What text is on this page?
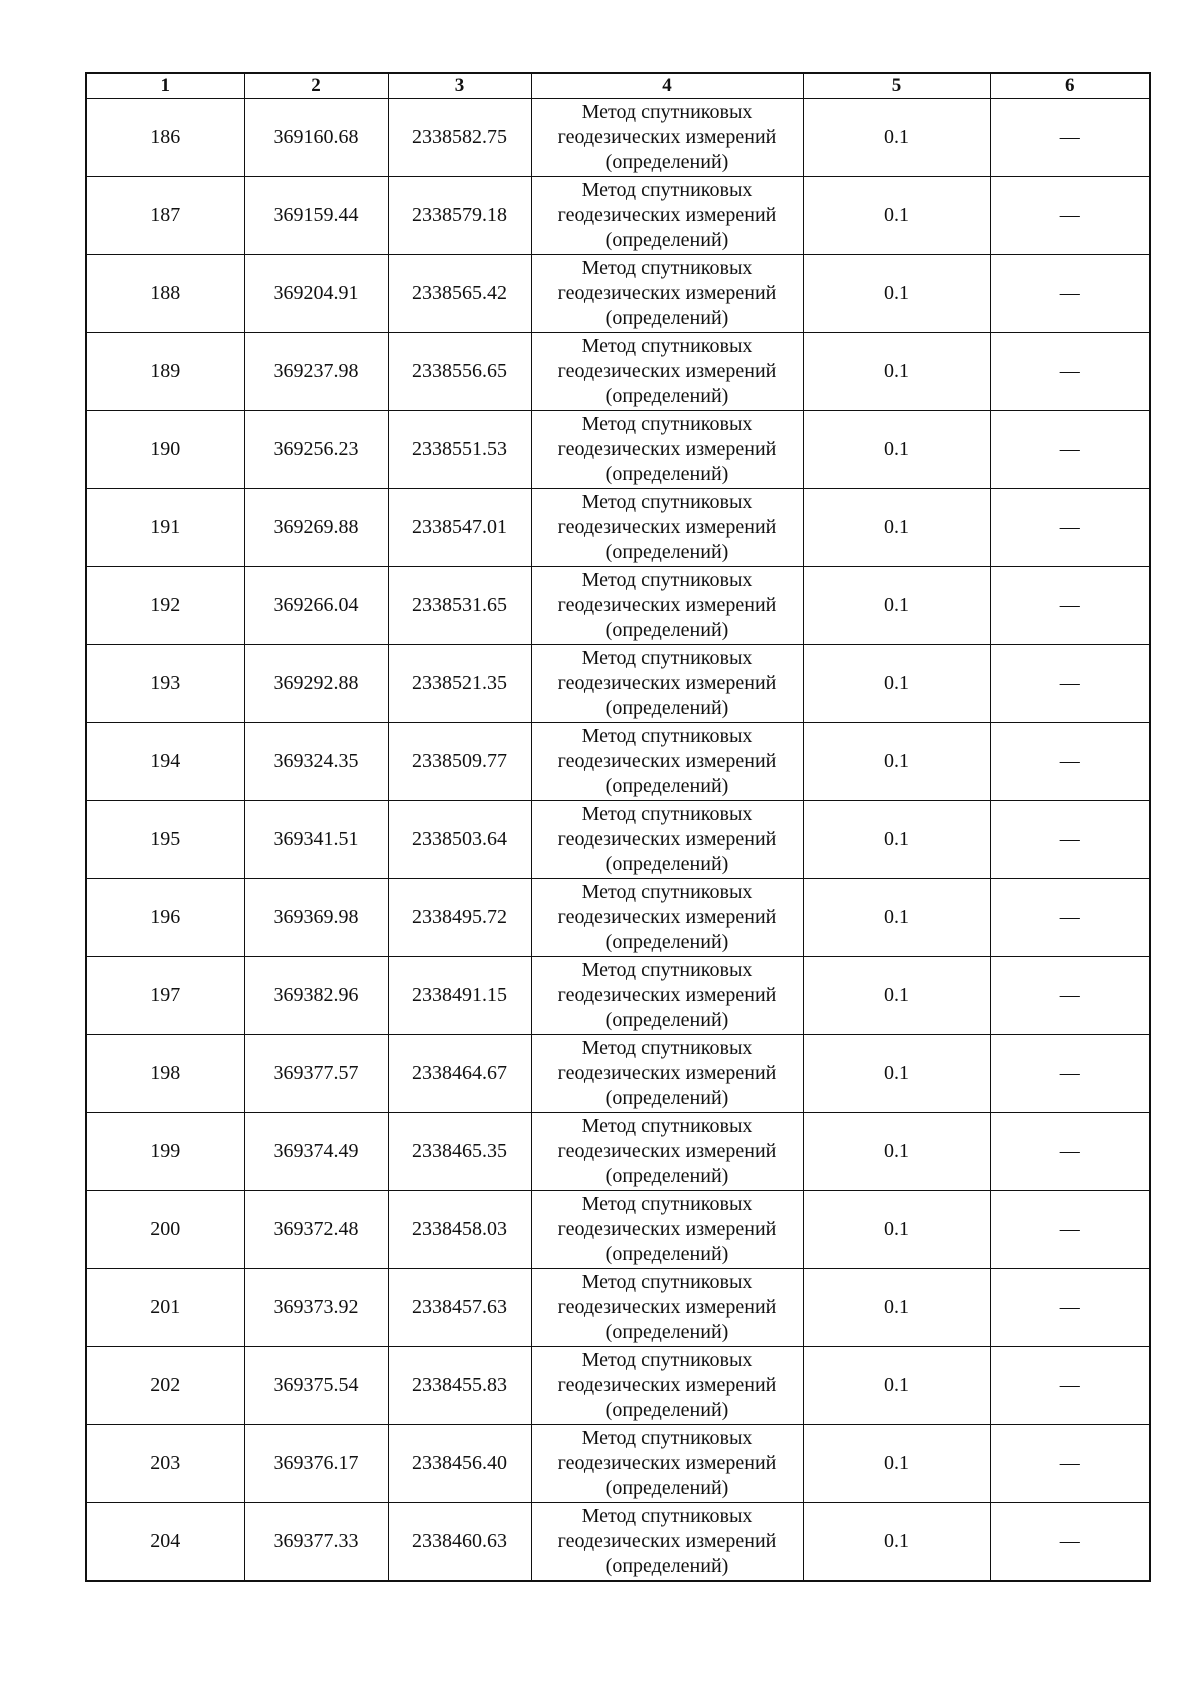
1	2	3	4	5	6
186	369160.68	2338582.75	Метод спутниковых
геодезических измерений
(определений)	0.1	—
187	369159.44	2338579.18	Метод спутниковых
геодезических измерений
(определений)	0.1	—
188	369204.91	2338565.42	Метод спутниковых
геодезических измерений
(определений)	0.1	—
189	369237.98	2338556.65	Метод спутниковых
геодезических измерений
(определений)	0.1	—
190	369256.23	2338551.53	Метод спутниковых
геодезических измерений
(определений)	0.1	—
191	369269.88	2338547.01	Метод спутниковых
геодезических измерений
(определений)	0.1	—
192	369266.04	2338531.65	Метод спутниковых
геодезических измерений
(определений)	0.1	—
193	369292.88	2338521.35	Метод спутниковых
геодезических измерений
(определений)	0.1	—
194	369324.35	2338509.77	Метод спутниковых
геодезических измерений
(определений)	0.1	—
195	369341.51	2338503.64	Метод спутниковых
геодезических измерений
(определений)	0.1	—
196	369369.98	2338495.72	Метод спутниковых
геодезических измерений
(определений)	0.1	—
197	369382.96	2338491.15	Метод спутниковых
геодезических измерений
(определений)	0.1	—
198	369377.57	2338464.67	Метод спутниковых
геодезических измерений
(определений)	0.1	—
199	369374.49	2338465.35	Метод спутниковых
геодезических измерений
(определений)	0.1	—
200	369372.48	2338458.03	Метод спутниковых
геодезических измерений
(определений)	0.1	—
201	369373.92	2338457.63	Метод спутниковых
геодезических измерений
(определений)	0.1	—
202	369375.54	2338455.83	Метод спутниковых
геодезических измерений
(определений)	0.1	—
203	369376.17	2338456.40	Метод спутниковых
геодезических измерений
(определений)	0.1	—
204	369377.33	2338460.63	Метод спутниковых
геодезических измерений
(определений)	0.1	—
